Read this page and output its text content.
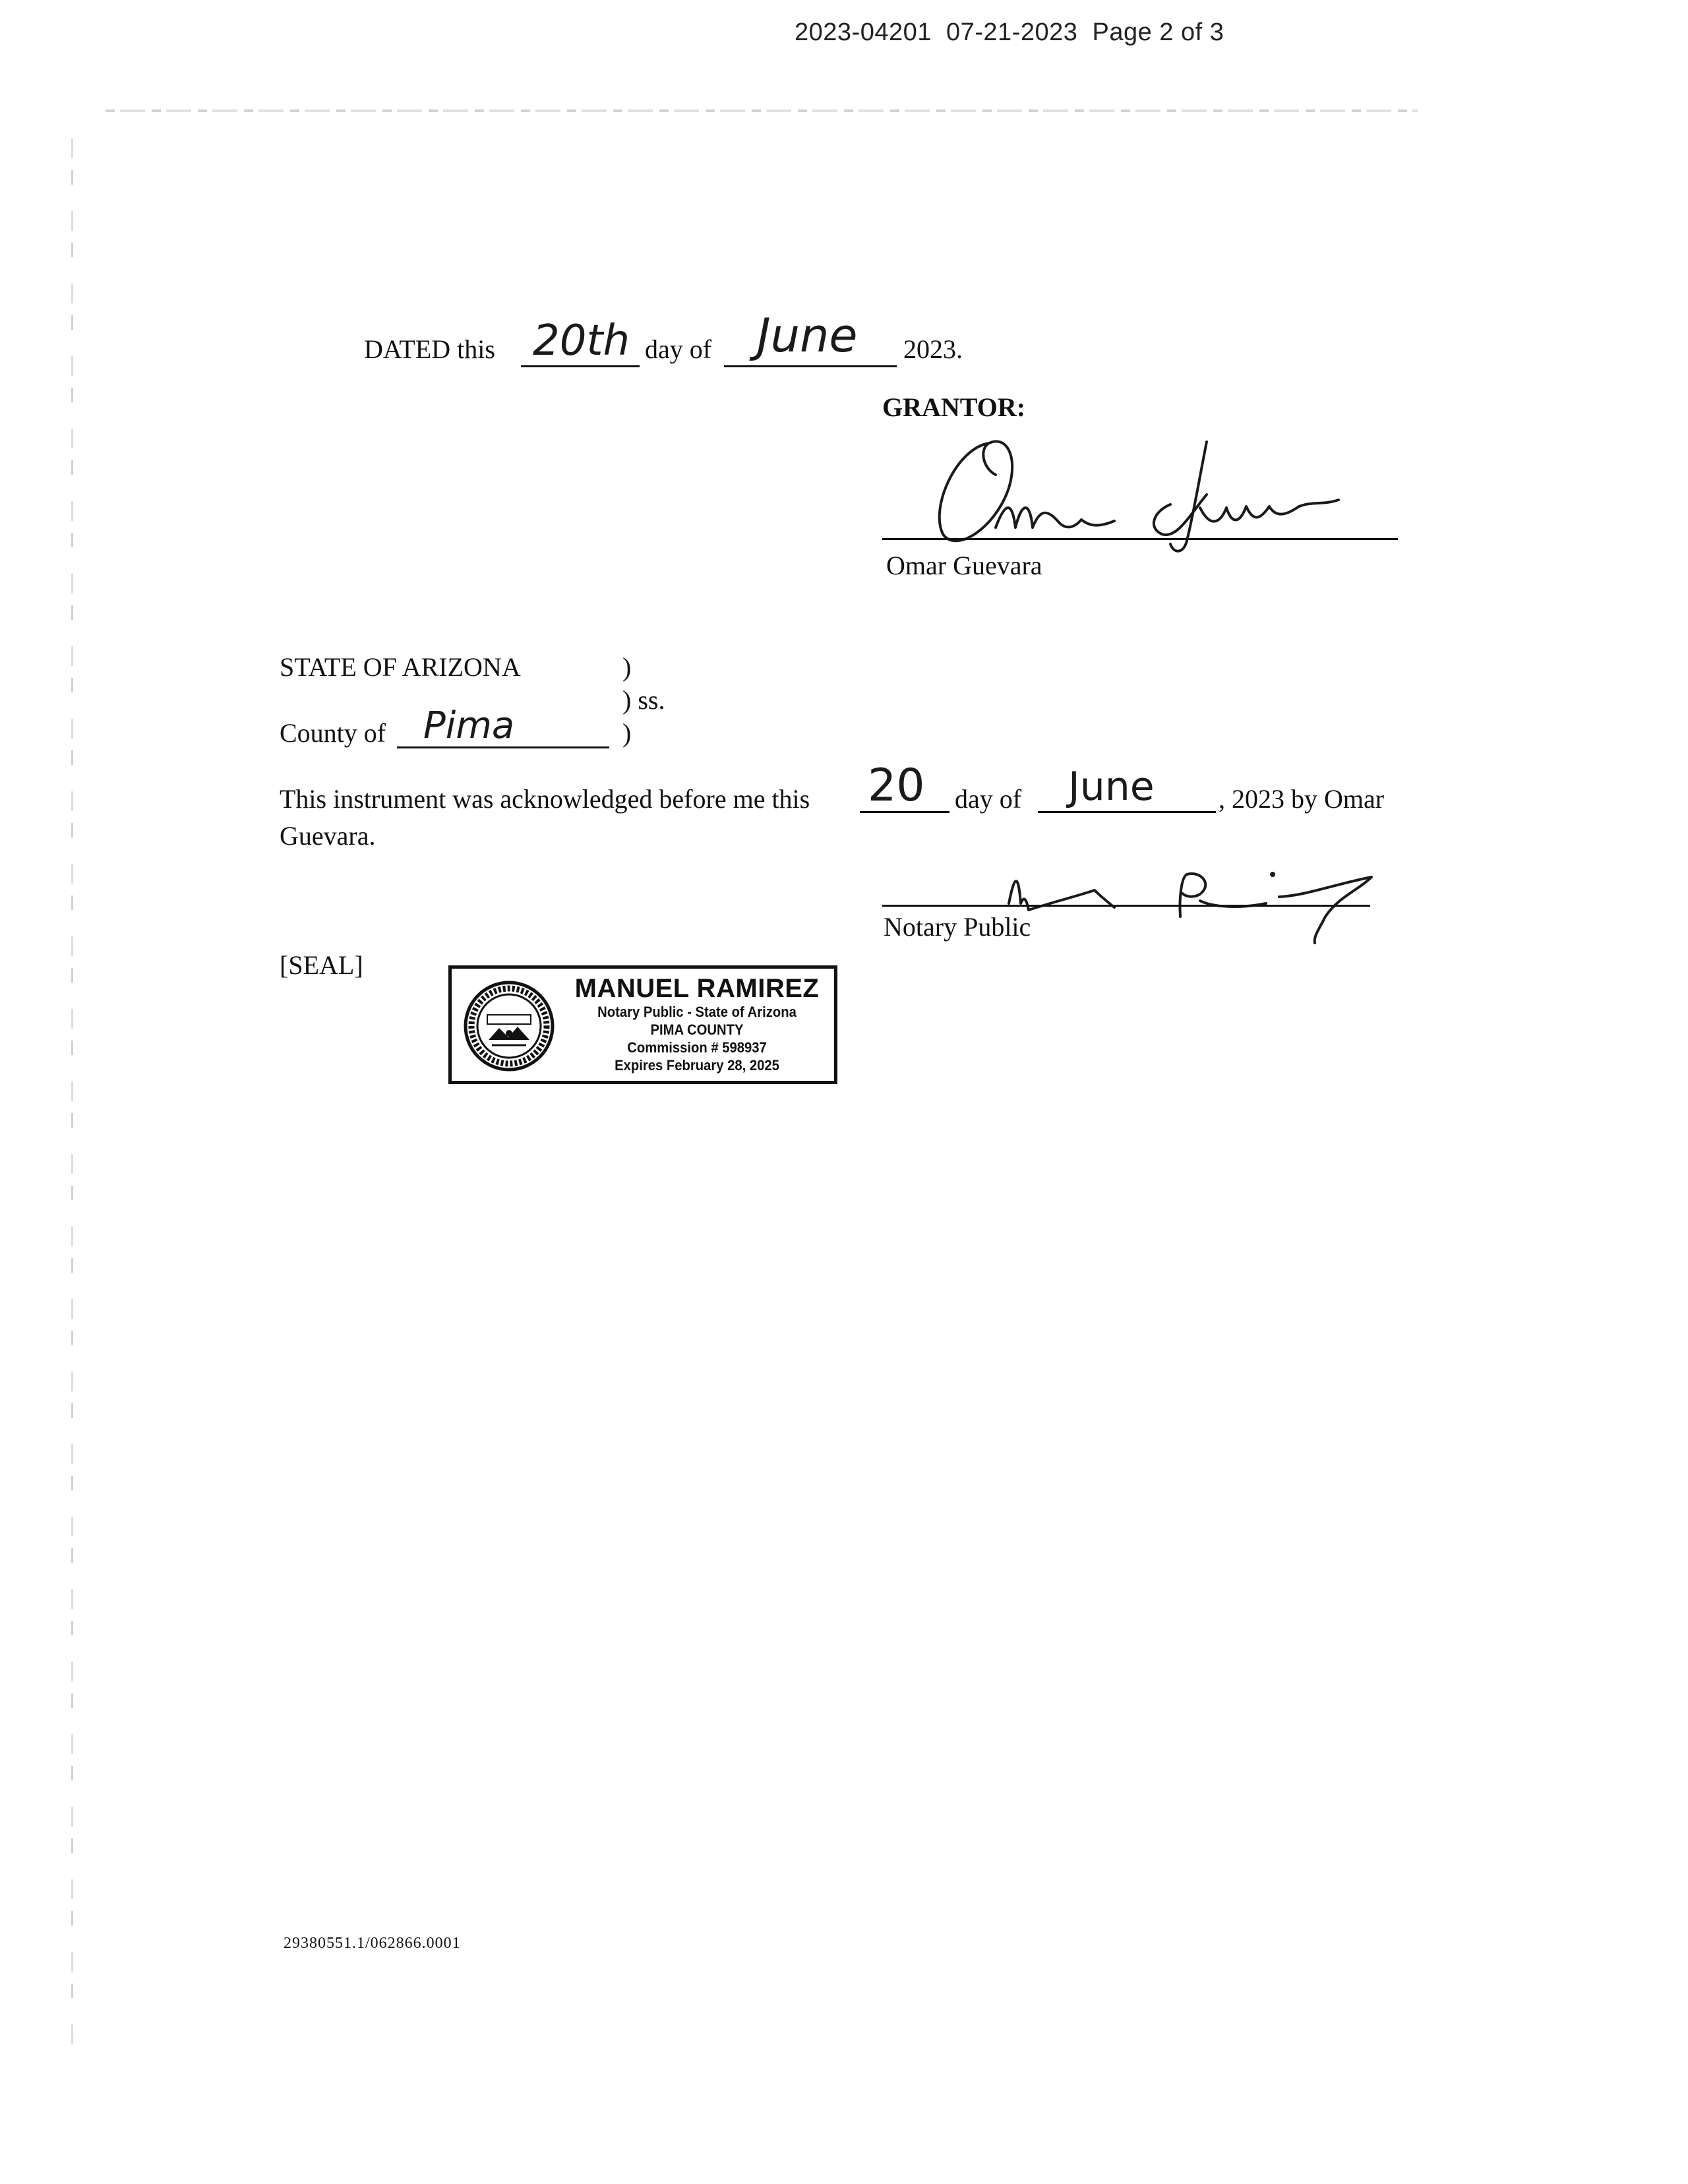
2023-04201 07-21-2023 Page 2 of 3
DATED this 20th day of June 2023.
GRANTOR:
Omar Guevara
STATE OF ARIZONA	)
) ss.
County of Pima	)
This instrument was acknowledged before me this 20 day of June , 2023 by Omar
Guevara.
Notary Public
[SEAL]
MANUEL RAMIREZ
Notary Public - State of Arizona
PIMA COUNTY
Commission # 598937
Expires February 28, 2025
29380551.1/062866.0001
